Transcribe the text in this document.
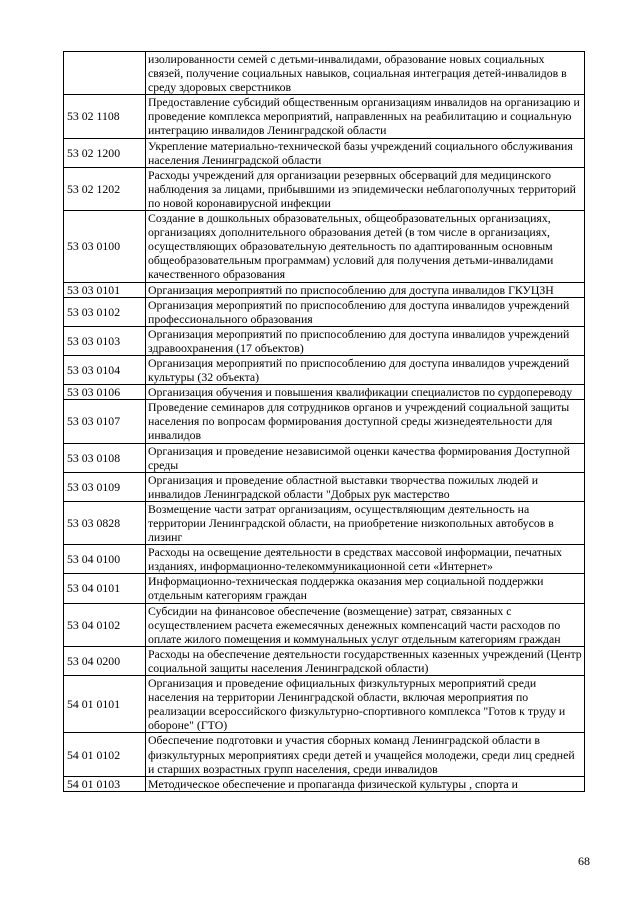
	изолированности семей с детьми-инвалидами, образование новых социальных связей, получение социальных навыков, социальная интеграция детей-инвалидов в среду здоровых сверстников
53 02 1108	Предоставление субсидий общественным организациям инвалидов на организацию и проведение комплекса мероприятий, направленных на реабилитацию и социальную интеграцию инвалидов Ленинградской области
53 02 1200	Укрепление материально-технической базы учреждений социального обслуживания населения Ленинградской области
53 02 1202	Расходы учреждений для организации резервных обсерваций для медицинского наблюдения за лицами, прибывшими из эпидемически неблагополучных территорий по новой коронавирусной инфекции
53 03 0100	Создание в дошкольных образовательных, общеобразовательных организациях, организациях дополнительного образования детей (в том числе в организациях, осуществляющих образовательную деятельность по адаптированным основным общеобразовательным программам) условий для получения детьми-инвалидами качественного образования
53 03 0101	Организация мероприятий по приспособлению для доступа инвалидов ГКУЦЗН
53 03 0102	Организация мероприятий по приспособлению для доступа инвалидов учреждений профессионального образования
53 03 0103	Организация мероприятий по приспособлению для доступа инвалидов учреждений здравоохранения (17 объектов)
53 03 0104	Организация мероприятий по приспособлению для доступа инвалидов учреждений культуры (32 объекта)
53 03 0106	Организация обучения и повышения квалификации специалистов по сурдопереводу
53 03 0107	Проведение семинаров для сотрудников органов и учреждений социальной защиты населения по вопросам формирования доступной среды жизнедеятельности для инвалидов
53 03 0108	Организация и проведение независимой оценки качества формирования Доступной среды
53 03 0109	Организация и проведение областной выставки творчества пожилых людей и инвалидов Ленинградской области "Добрых рук мастерство
53 03 0828	Возмещение части затрат организациям, осуществляющим деятельность на территории Ленинградской области, на приобретение низкопольных автобусов в лизинг
53 04 0100	Расходы на освещение деятельности в средствах массовой информации, печатных изданиях, информационно-телекоммуникационной сети «Интернет»
53 04 0101	Информационно-техническая поддержка оказания мер социальной поддержки отдельным категориям граждан
53 04 0102	Субсидии на финансовое обеспечение (возмещение) затрат, связанных с осуществлением расчета ежемесячных денежных компенсаций части расходов по оплате жилого помещения и коммунальных услуг отдельным категориям граждан
53 04 0200	Расходы на обеспечение деятельности государственных казенных учреждений (Центр социальной защиты населения Ленинградской области)
54 01 0101	Организация и проведение официальных физкультурных мероприятий среди населения на территории Ленинградской области, включая мероприятия по реализации всероссийского физкультурно-спортивного комплекса "Готов к труду и обороне" (ГТО)
54 01 0102	Обеспечение подготовки и участия сборных команд Ленинградской области в физкультурных мероприятиях среди детей и учащейся молодежи, среди лиц средней и старших возрастных групп населения, среди инвалидов
54 01 0103	Методическое обеспечение и пропаганда физической культуры , спорта и
68
